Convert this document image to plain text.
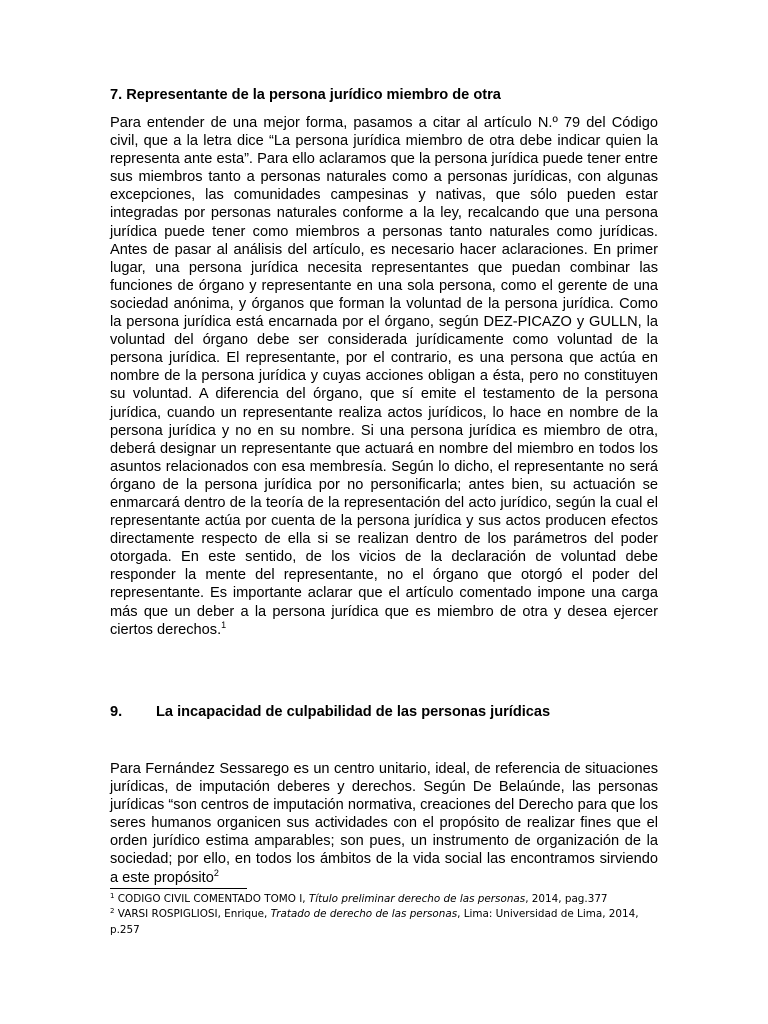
7. Representante de la persona jurídico miembro de otra

Para entender de una mejor forma, pasamos a citar al artículo N.º 79 del Código civil, que a la letra dice “La persona jurídica miembro de otra debe indicar quien la representa ante esta”. Para ello aclaramos que la persona jurídica puede tener entre sus miembros tanto a personas naturales como a personas jurídicas, con algunas excepciones, las comunidades campesinas y nativas, que sólo pueden estar integradas por personas naturales conforme a la ley, recalcando que una persona jurídica puede tener como miembros a personas tanto naturales como jurídicas. Antes de pasar al análisis del artículo, es necesario hacer aclaraciones. En primer lugar, una persona jurídica necesita representantes que puedan combinar las funciones de órgano y representante en una sola persona, como el gerente de una sociedad anónima, y órganos que forman la voluntad de la persona jurídica. Como la persona jurídica está encarnada por el órgano, según DEZ-PICAZO y GULLN, la voluntad del órgano debe ser considerada jurídicamente como voluntad de la persona jurídica. El representante, por el contrario, es una persona que actúa en nombre de la persona jurídica y cuyas acciones obligan a ésta, pero no constituyen su voluntad. A diferencia del órgano, que sí emite el testamento de la persona jurídica, cuando un representante realiza actos jurídicos, lo hace en nombre de la persona jurídica y no en su nombre. Si una persona jurídica es miembro de otra, deberá designar un representante que actuará en nombre del miembro en todos los asuntos relacionados con esa membresía. Según lo dicho, el representante no será órgano de la persona jurídica por no personificarla; antes bien, su actuación se enmarcará dentro de la teoría de la representación del acto jurídico, según la cual el representante actúa por cuenta de la persona jurídica y sus actos producen efectos directamente respecto de ella si se realizan dentro de los parámetros del poder otorgada. En este sentido, de los vicios de la declaración de voluntad debe responder la mente del representante, no el órgano que otorgó el poder del representante. Es importante aclarar que el artículo comentado impone una carga más que un deber a la persona jurídica que es miembro de otra y desea ejercer ciertos derechos.$^1$

9. La incapacidad de culpabilidad de las personas jurídicas

Para Fernández Sessarego es un centro unitario, ideal, de referencia de situaciones jurídicas, de imputación deberes y derechos. Según De Belaúnde, las personas jurídicas “son centros de imputación normativa, creaciones del Derecho para que los seres humanos organicen sus actividades con el propósito de realizar fines que el orden jurídico estima amparables; son pues, un instrumento de organización de la sociedad; por ello, en todos los ámbitos de la vida social las encontramos sirviendo a este propósito$^2$

$^1$ CODIGO CIVIL COMENTADO TOMO I, Título preliminar derecho de las personas, 2014, pag.377

$^2$ VARSI ROSPIGLIOSI, Enrique, Tratado de derecho de las personas, Lima: Universidad de Lima, 2014, p.257
